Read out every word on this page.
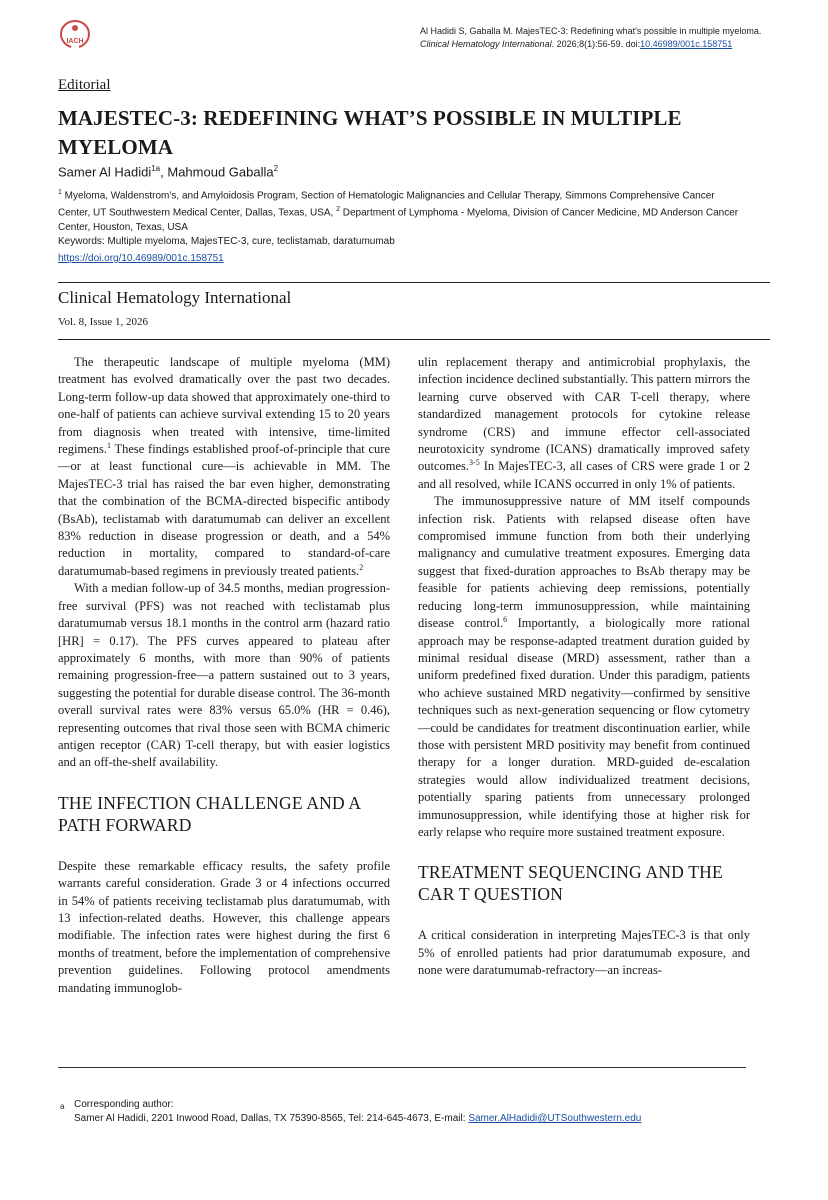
IACH
Al Hadidi S, Gaballa M. MajesTEC-3: Redefining what's possible in multiple myeloma.
Clinical Hematology International. 2026;8(1):56-59. doi:10.46989/001c.158751
Editorial
MAJESTEC-3: REDEFINING WHAT’S POSSIBLE IN MULTIPLE MYELOMA
Samer Al Hadidi$^{1a}$, Mahmoud Gaballa$^2$
$^1$ Myeloma, Waldenstrom’s, and Amyloidosis Program, Section of Hematologic Malignancies and Cellular Therapy, Simmons Comprehensive Cancer Center, UT Southwestern Medical Center, Dallas, Texas, USA, $^2$ Department of Lymphoma - Myeloma, Division of Cancer Medicine, MD Anderson Cancer Center, Houston, Texas, USA
Keywords: Multiple myeloma, MajesTEC-3, cure, teclistamab, daratumumab
https://doi.org/10.46989/001c.158751
Clinical Hematology International
Vol. 8, Issue 1, 2026

The therapeutic landscape of multiple myeloma (MM) treatment has evolved dramatically over the past two decades. Long-term follow-up data showed that approximately one-third to one-half of patients can achieve survival extending 15 to 20 years from diagnosis when treated with intensive, time-limited regimens.$^1$ These findings established proof-of-principle that cure—or at least functional cure—is achievable in MM. The MajesTEC-3 trial has raised the bar even higher, demonstrating that the combination of the BCMA-directed bispecific antibody (BsAb), teclistamab with daratumumab can deliver an excellent 83% reduction in disease progression or death, and a 54% reduction in mortality, compared to standard-of-care daratumumab-based regimens in previously treated patients.$^2$

With a median follow-up of 34.5 months, median progression-free survival (PFS) was not reached with teclistamab plus daratumumab versus 18.1 months in the control arm (hazard ratio [HR] = 0.17). The PFS curves appeared to plateau after approximately 6 months, with more than 90% of patients remaining progression-free—a pattern sustained out to 3 years, suggesting the potential for durable disease control. The 36-month overall survival rates were 83% versus 65.0% (HR = 0.46), representing outcomes that rival those seen with BCMA chimeric antigen receptor (CAR) T-cell therapy, but with easier logistics and an off-the-shelf availability.

THE INFECTION CHALLENGE AND A PATH FORWARD

Despite these remarkable efficacy results, the safety profile warrants careful consideration. Grade 3 or 4 infections occurred in 54% of patients receiving teclistamab plus daratumumab, with 13 infection-related deaths. However, this challenge appears modifiable. The infection rates were highest during the first 6 months of treatment, before the implementation of comprehensive prevention guidelines. Following protocol amendments mandating immunoglob-

ulin replacement therapy and antimicrobial prophylaxis, the infection incidence declined substantially. This pattern mirrors the learning curve observed with CAR T-cell therapy, where standardized management protocols for cytokine release syndrome (CRS) and immune effector cell-associated neurotoxicity syndrome (ICANS) dramatically improved safety outcomes.$^{3-5}$ In MajesTEC-3, all cases of CRS were grade 1 or 2 and all resolved, while ICANS occurred in only 1% of patients.

The immunosuppressive nature of MM itself compounds infection risk. Patients with relapsed disease often have compromised immune function from both their underlying malignancy and cumulative treatment exposures. Emerging data suggest that fixed-duration approaches to BsAb therapy may be feasible for patients achieving deep remissions, potentially reducing long-term immunosuppression, while maintaining disease control.$^6$ Importantly, a biologically more rational approach may be response-adapted treatment duration guided by minimal residual disease (MRD) assessment, rather than a uniform predefined fixed duration. Under this paradigm, patients who achieve sustained MRD negativity—confirmed by sensitive techniques such as next-generation sequencing or flow cytometry—could be candidates for treatment discontinuation earlier, while those with persistent MRD positivity may benefit from continued therapy for a longer duration. MRD-guided de-escalation strategies would allow individualized treatment decisions, potentially sparing patients from unnecessary prolonged immunosuppression, while identifying those at higher risk for early relapse who require more sustained treatment exposure.

TREATMENT SEQUENCING AND THE CAR T QUESTION

A critical consideration in interpreting MajesTEC-3 is that only 5% of enrolled patients had prior daratumumab exposure, and none were daratumumab-refractory—an increas-

a Corresponding author:
Samer Al Hadidi, 2201 Inwood Road, Dallas, TX 75390-8565, Tel: 214-645-4673, E-mail: Samer.AlHadidi@UTSouthwestern.edu
